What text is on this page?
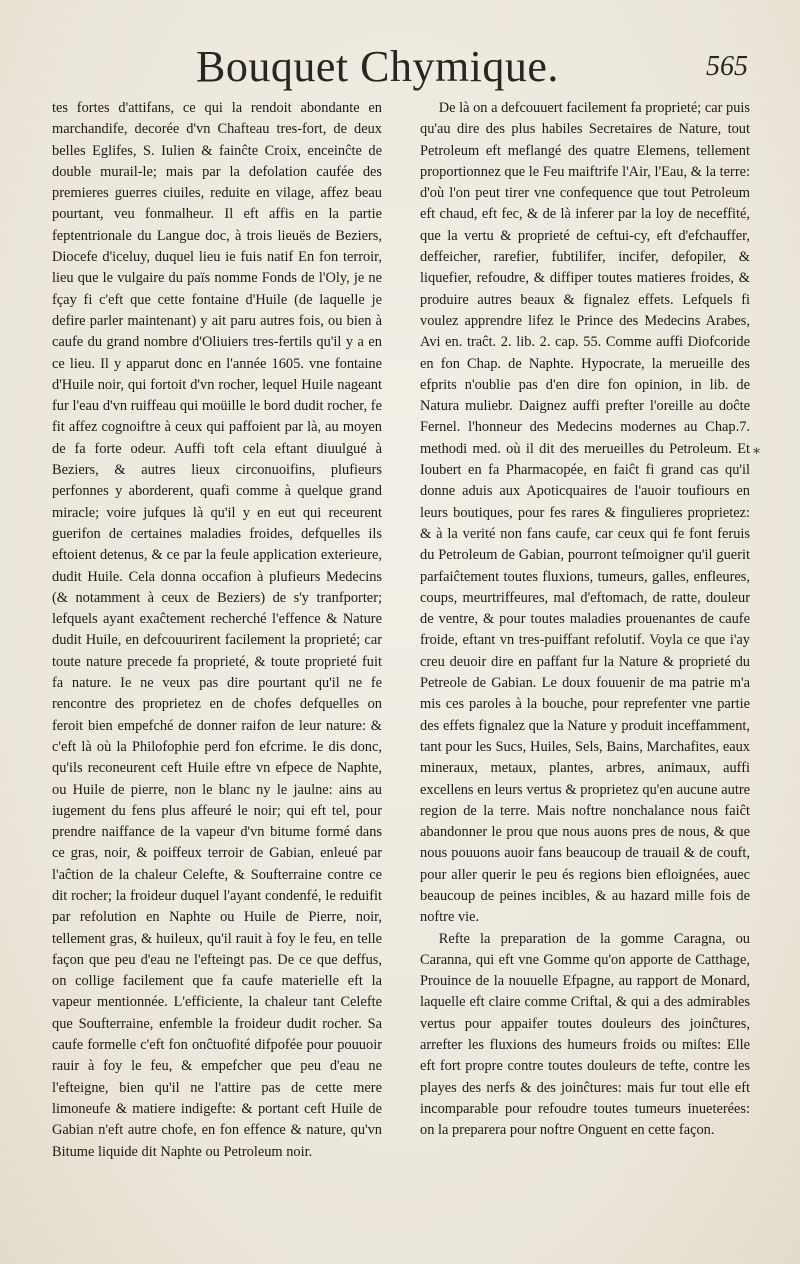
Bouquet Chymique.	565

tes fortes d'attifans, ce qui la rendoit abondante en marchandife, decorée d'vn Chafteau tres-fort, de deux belles Eglifes, S. Iulien & fainĉte Croix, enceinĉte de double murail-le; mais par la defolation caufée des premieres guerres ciuiles, reduite en vilage, affez beau pourtant, veu fonmalheur. Il eft affis en la partie feptentrionale du Langue doc, à trois lieuës de Beziers, Diocefe d'iceluy, duquel lieu ie fuis natif En fon terroir, lieu que le vulgaire du païs nomme Fonds de l'Oly, je ne fçay fi c'eft que cette fontaine d'Huile (de laquelle je defire parler maintenant) y ait paru autres fois, ou bien à caufe du grand nombre d'Oliuiers tres-fertils qu'il y a en ce lieu. Il y apparut donc en l'année 1605. vne fontaine d'Huile noir, qui fortoit d'vn rocher, lequel Huile nageant fur l'eau d'vn ruiffeau qui moüille le bord dudit rocher, fe fit affez cognoiftre à ceux qui paffoient par là, au moyen de fa forte odeur. Auffi toft cela eftant diuulgué à Beziers, & autres lieux circonuoifins, plufieurs perfonnes y aborderent, quafi comme à quelque grand miracle; voire jufques là qu'il y en eut qui receurent guerifon de certaines maladies froides, defquelles ils eftoient detenus, & ce par la feule application exterieure, dudit Huile. Cela donna occafion à plufieurs Medecins (& notamment à ceux de Beziers) de s'y tranfporter; lefquels ayant exaĉtement recherché l'effence & Nature dudit Huile, en defcouurirent facilement la proprieté; car toute nature precede fa proprieté, & toute proprieté fuit fa nature. Ie ne veux pas dire pourtant qu'il ne fe rencontre des proprietez en de chofes defquelles on feroit bien empefché de donner raifon de leur nature: & c'eft là où la Philofophie perd fon efcrime. Ie dis donc, qu'ils reconeurent ceft Huile eftre vn efpece de Naphte, ou Huile de pierre, non le blanc ny le jaulne: ains au iugement du fens plus affeuré le noir; qui eft tel, pour prendre naiffance de la vapeur d'vn bitume formé dans ce gras, noir, & poiffeux terroir de Gabian, enleué par l'aĉtion de la chaleur Celefte, & Soufterraine contre ce dit rocher; la froideur duquel l'ayant condenfé, le reduifit par refolution en Naphte ou Huile de Pierre, noir, tellement gras, & huileux, qu'il rauit à foy le feu, en telle façon que peu d'eau ne l'efteingt pas. De ce que deffus, on collige facilement que fa caufe materielle eft la vapeur mentionnée. L'efficiente, la chaleur tant Celefte que Soufterraine, enfemble la froideur dudit rocher. Sa caufe formelle c'eft fon onĉtuofité difpofée pour pouuoir rauir à foy le feu, & empefcher que peu d'eau ne l'efteigne, bien qu'il ne l'attire pas de cette mere limoneufe & matiere indigefte: & portant ceft Huile de Gabian n'eft autre chofe, en fon effence & nature, qu'vn Bitume liquide dit Naphte ou Petroleum noir.

De là on a defcouuert facilement fa proprieté; car puis qu'au dire des plus habiles Secretaires de Nature, tout Petroleum eft meflangé des quatre Elemens, tellement proportionnez que le Feu maiftrife l'Air, l'Eau, & la terre: d'où l'on peut tirer vne confequence que tout Petroleum eft chaud, eft fec, & de là inferer par la loy de neceffité, que la vertu & proprieté de ceftui-cy, eft d'efchauffer, deffeicher, rarefier, fubtilifer, incifer, defopiler, & liquefier, refoudre, & diffiper toutes matieres froides, & produire autres beaux & fignalez effets. Lefquels fi voulez apprendre lifez le Prince des Medecins Arabes, Avi en. traĉt. 2. lib. 2. cap. 55. Comme auffi Diofcoride en fon Chap. de Naphte. Hypocrate, la merueille des efprits n'oublie pas d'en dire fon opinion, in lib. de Natura muliebr. Daignez auffi prefter l'oreille au doĉte Fernel. l'honneur des Medecins modernes au Chap.7. methodi med. où il dit des merueilles du Petroleum. Et Ioubert en fa Pharmacopée, en faiĉt fi grand cas qu'il donne aduis aux Apoticquaires de l'auoir toufiours en leurs boutiques, pour fes rares & fingulieres proprietez: & à la verité non fans caufe, car ceux qui fe font feruis du Petroleum de Gabian, pourront teſmoigner qu'il guerit parfaiĉtement toutes fluxions, tumeurs, galles, enfleures, coups, meurtriffeures, mal d'eftomach, de ratte, douleur de ventre, & pour toutes maladies prouenantes de caufe froide, eftant vn tres-puiffant refolutif. Voyla ce que i'ay creu deuoir dire en paffant fur la Nature & proprieté du Petreole de Gabian. Le doux fouuenir de ma patrie m'a mis ces paroles à la bouche, pour reprefenter vne partie des effets fignalez que la Nature y produit inceffamment, tant pour les Sucs, Huiles, Sels, Bains, Marchafites, eaux mineraux, metaux, plantes, arbres, animaux, auffi excellens en leurs vertus & proprietez qu'en aucune autre region de la terre. Mais noftre nonchalance nous faiĉt abandonner le prou que nous auons pres de nous, & que nous pouuons auoir fans beaucoup de trauail & de couft, pour aller querir le peu és regions bien efloignées, auec beaucoup de peines incibles, & au hazard mille fois de noftre vie.

Refte la preparation de la gomme Caragna, ou Caranna, qui eft vne Gomme qu'on apporte de Catthage, Prouince de la nouuelle Efpagne, au rapport de Monard, laquelle eft claire comme Criftal, & qui a des admirables vertus pour appaifer toutes douleurs des joinĉtures, arrefter les fluxions des humeurs froids ou miſtes: Elle eft fort propre contre toutes douleurs de tefte, contre les playes des nerfs & des joinĉtures: mais fur tout elle eft incomparable pour refoudre toutes tumeurs inueterées: on la preparera pour noftre Onguent en cette façon.

*
